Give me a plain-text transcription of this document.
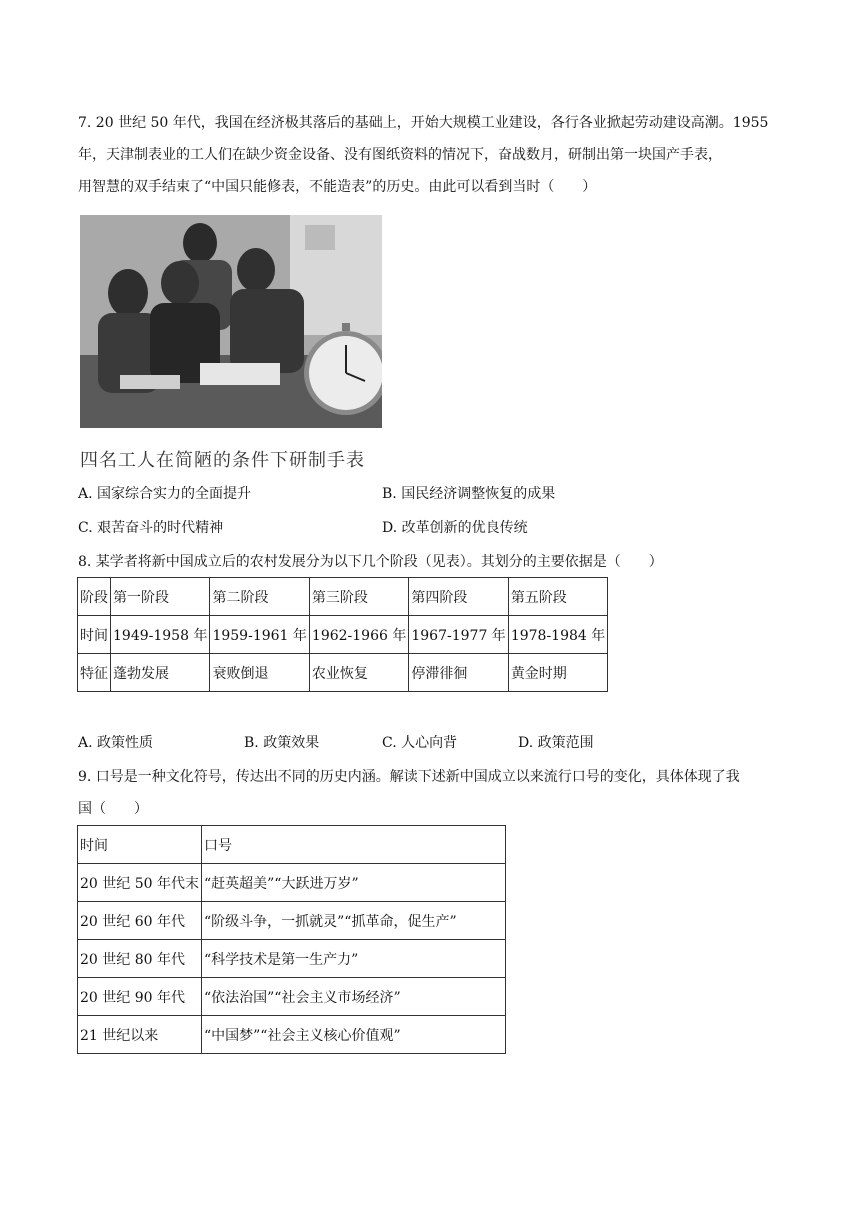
7. 20 世纪 50 年代，我国在经济极其落后的基础上，开始大规模工业建设，各行各业掀起劳动建设高潮。1955
年，天津制表业的工人们在缺少资金设备、没有图纸资料的情况下，奋战数月，研制出第一块国产手表，
用智慧的双手结束了“中国只能修表，不能造表”的历史。由此可以看到当时（　　）
四名工人在简陋的条件下研制手表
A. 国家综合实力的全面提升	B. 国民经济调整恢复的成果
C. 艰苦奋斗的时代精神	D. 改革创新的优良传统
8. 某学者将新中国成立后的农村发展分为以下几个阶段（见表）。其划分的主要依据是（　　）
阶段	第一阶段	第二阶段	第三阶段	第四阶段	第五阶段
时间	1949-1958 年	1959-1961 年	1962-1966 年	1967-1977 年	1978-1984 年
特征	蓬勃发展	衰败倒退	农业恢复	停滞徘徊	黄金时期
A. 政策性质	B. 政策效果	C. 人心向背	D. 政策范围
9. 口号是一种文化符号，传达出不同的历史内涵。解读下述新中国成立以来流行口号的变化，具体体现了我
国（　　）
时间	口号
20 世纪 50 年代末	“赶英超美”“大跃进万岁”
20 世纪 60 年代	“阶级斗争，一抓就灵”“抓革命，促生产”
20 世纪 80 年代	“科学技术是第一生产力”
20 世纪 90 年代	“依法治国”“社会主义市场经济”
21 世纪以来	“中国梦”“社会主义核心价值观”
